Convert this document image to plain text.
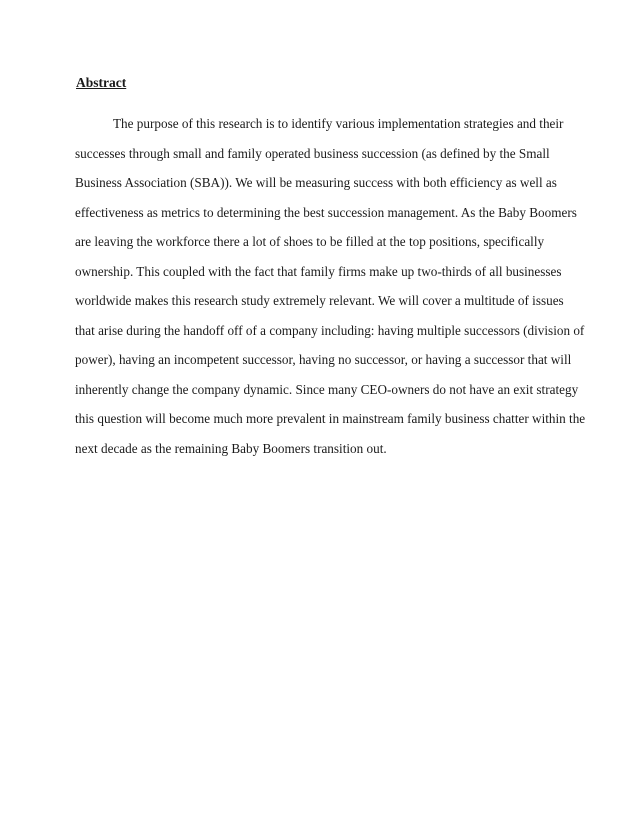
Abstract
The purpose of this research is to identify various implementation strategies and their
successes through small and family operated business succession (as defined by the Small
Business Association (SBA)). We will be measuring success with both efficiency as well as
effectiveness as metrics to determining the best succession management. As the Baby Boomers
are leaving the workforce there a lot of shoes to be filled at the top positions, specifically
ownership. This coupled with the fact that family firms make up two-thirds of all businesses
worldwide makes this research study extremely relevant. We will cover a multitude of issues
that arise during the handoff off of a company including: having multiple successors (division of
power), having an incompetent successor, having no successor, or having a successor that will
inherently change the company dynamic. Since many CEO-owners do not have an exit strategy
this question will become much more prevalent in mainstream family business chatter within the
next decade as the remaining Baby Boomers transition out.
